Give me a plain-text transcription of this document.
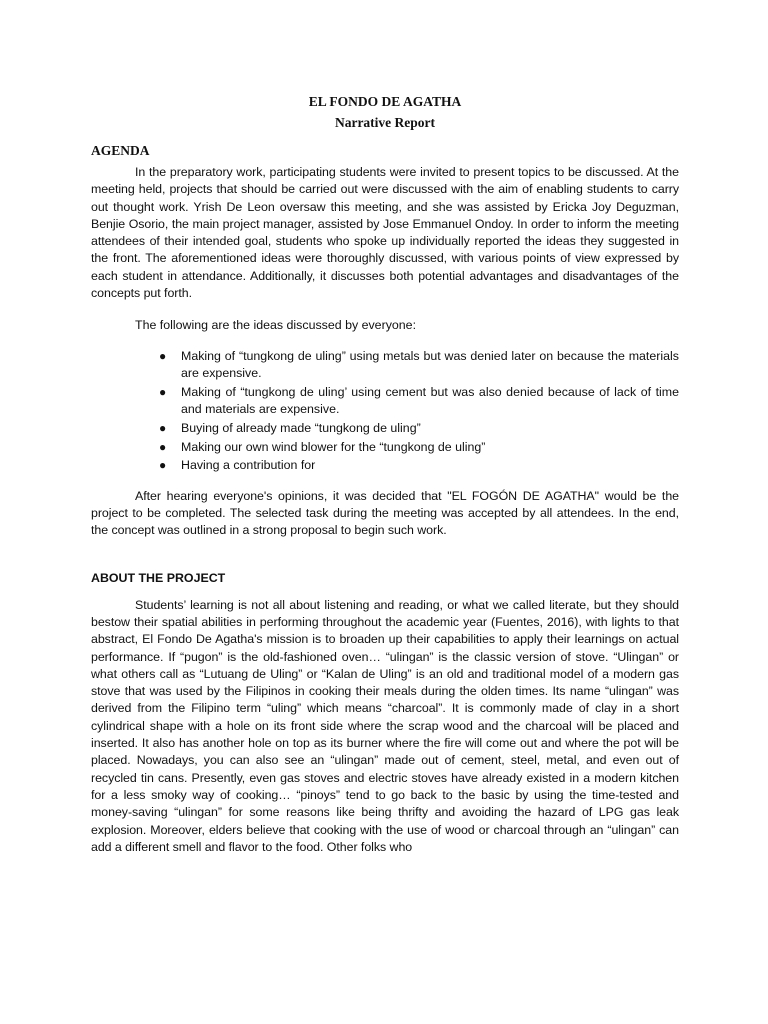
EL FONDO DE AGATHA
Narrative Report
AGENDA

In the preparatory work, participating students were invited to present topics to be discussed. At the meeting held, projects that should be carried out were discussed with the aim of enabling students to carry out thought work. Yrish De Leon oversaw this meeting, and she was assisted by Ericka Joy Deguzman, Benjie Osorio, the main project manager, assisted by Jose Emmanuel Ondoy. In order to inform the meeting attendees of their intended goal, students who spoke up individually reported the ideas they suggested in the front. The aforementioned ideas were thoroughly discussed, with various points of view expressed by each student in attendance. Additionally, it discusses both potential advantages and disadvantages of the concepts put forth.

The following are the ideas discussed by everyone:

● Making of “tungkong de uling” using metals but was denied later on because the materials are expensive.
● Making of “tungkong de uling’ using cement but was also denied because of lack of time and materials are expensive.
● Buying of already made “tungkong de uling”
● Making our own wind blower for the “tungkong de uling”
● Having a contribution for

After hearing everyone's opinions, it was decided that "EL FOGÓN DE AGATHA" would be the project to be completed. The selected task during the meeting was accepted by all attendees. In the end, the concept was outlined in a strong proposal to begin such work.

ABOUT THE PROJECT

Students’ learning is not all about listening and reading, or what we called literate, but they should bestow their spatial abilities in performing throughout the academic year (Fuentes, 2016), with lights to that abstract, El Fondo De Agatha's mission is to broaden up their capabilities to apply their learnings on actual performance. If “pugon” is the old-fashioned oven… “ulingan” is the classic version of stove. “Ulingan” or what others call as “Lutuang de Uling” or “Kalan de Uling” is an old and traditional model of a modern gas stove that was used by the Filipinos in cooking their meals during the olden times. Its name “ulingan” was derived from the Filipino term “uling” which means “charcoal”. It is commonly made of clay in a short cylindrical shape with a hole on its front side where the scrap wood and the charcoal will be placed and inserted. It also has another hole on top as its burner where the fire will come out and where the pot will be placed. Nowadays, you can also see an “ulingan” made out of cement, steel, metal, and even out of recycled tin cans. Presently, even gas stoves and electric stoves have already existed in a modern kitchen for a less smoky way of cooking… “pinoys” tend to go back to the basic by using the time-tested and money-saving “ulingan” for some reasons like being thrifty and avoiding the hazard of LPG gas leak explosion. Moreover, elders believe that cooking with the use of wood or charcoal through an “ulingan” can add a different smell and flavor to the food. Other folks who
